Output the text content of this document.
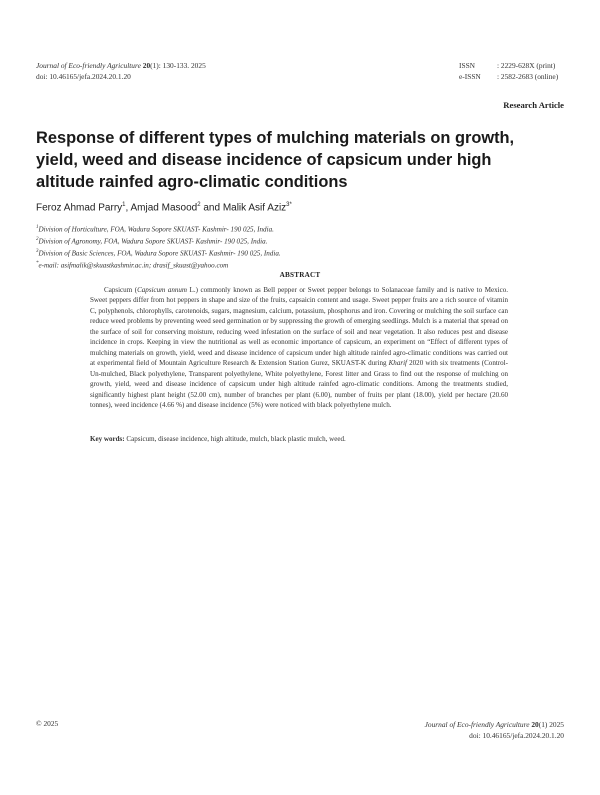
Journal of Eco-friendly Agriculture 20(1): 130-133. 2025
doi: 10.46165/jefa.2024.20.1.20
ISSN	: 2229-628X (print)
e-ISSN : 2582-2683 (online)
Research Article
Response of different types of mulching materials on growth,
yield, weed and disease incidence of capsicum under high
altitude rainfed agro-climatic conditions
Feroz Ahmad Parry$^1$, Amjad Masood$^2$ and Malik Asif Aziz$^{3*}$
$^1$Division of Horticulture, FOA, Wadura Sopore SKUAST- Kashmir- 190 025, India.
$^2$Division of Agronomy, FOA, Wadura Sopore SKUAST- Kashmir- 190 025, India.
$^3$Division of Basic Sciences, FOA, Wadura Sopore SKUAST- Kashmir- 190 025, India.
*e-mail: asifmalik@skuastkashmir.ac.in; drasif_skuast@yahoo.com
ABSTRACT

Capsicum (Capsicum annum L.) commonly known as Bell pepper or Sweet pepper belongs to Solanaceae family and is native to Mexico. Sweet peppers differ from hot peppers in shape and size of the fruits, capsaicin content and usage. Sweet pepper fruits are a rich source of vitamin C, polyphenols, chlorophylls, carotenoids, sugars, magnesium, calcium, potassium, phosphorus and iron. Covering or mulching the soil surface can reduce weed problems by preventing weed seed germination or by suppressing the growth of emerging seedlings. Mulch is a material that spread on the surface of soil for conserving moisture, reducing weed infestation on the surface of soil and near vegetation. It also reduces pest and disease incidence in crops. Keeping in view the nutritional as well as economic importance of capsicum, an experiment on “Effect of different types of mulching materials on growth, yield, weed and disease incidence of capsicum under high altitude rainfed agro-climatic conditions was carried out at experimental field of Mountain Agriculture Research & Extension Station Gurez, SKUAST-K during Kharif 2020 with six treatments (Control- Un-mulched, Black polyethylene, Transparent polyethylene, White polyethylene, Forest litter and Grass to find out the response of mulching on growth, yield, weed and disease incidence of capsicum under high altitude rainfed agro-climatic conditions. Among the treatments studied, significantly highest plant height (52.00 cm), number of branches per plant (6.00), number of fruits per plant (18.00), yield per hectare (20.60 tonnes), weed incidence (4.66 %) and disease incidence (5%) were noticed with black polyethylene mulch.

Key words: Capsicum, disease incidence, high altitude, mulch, black plastic mulch, weed.
© 2025	Journal of Eco-friendly Agriculture 20(1) 2025
doi: 10.46165/jefa.2024.20.1.20
